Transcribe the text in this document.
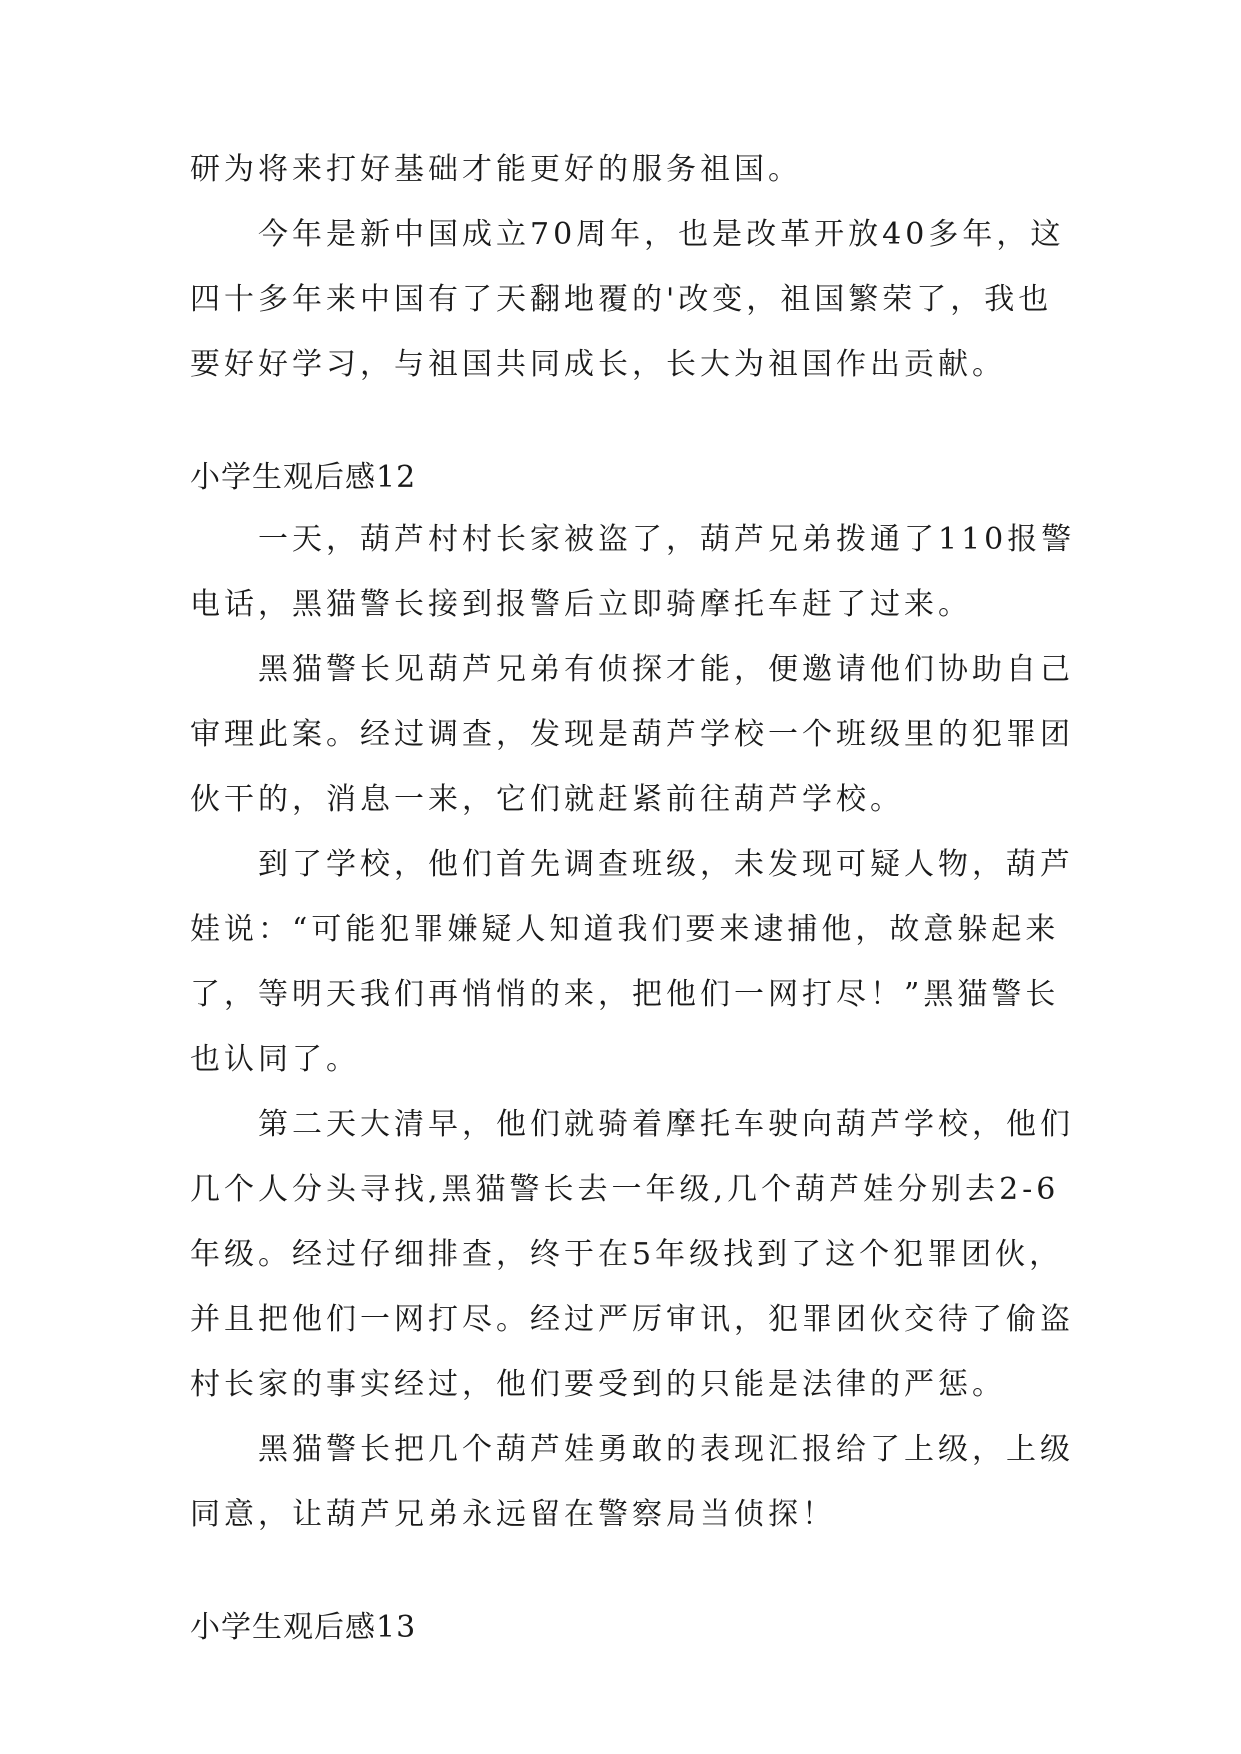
研为将来打好基础才能更好的服务祖国。
今年是新中国成立70周年，也是改革开放40多年，这
四十多年来中国有了天翻地覆的'改变，祖国繁荣了，我也
要好好学习，与祖国共同成长，长大为祖国作出贡献。
小学生观后感12
一天，葫芦村村长家被盗了，葫芦兄弟拨通了110报警
电话，黑猫警长接到报警后立即骑摩托车赶了过来。
黑猫警长见葫芦兄弟有侦探才能，便邀请他们协助自己
审理此案。经过调查，发现是葫芦学校一个班级里的犯罪团
伙干的，消息一来，它们就赶紧前往葫芦学校。
到了学校，他们首先调查班级，未发现可疑人物，葫芦
娃说：“可能犯罪嫌疑人知道我们要来逮捕他，故意躲起来
了，等明天我们再悄悄的来，把他们一网打尽！”黑猫警长
也认同了。
第二天大清早，他们就骑着摩托车驶向葫芦学校，他们
几个人分头寻找,黑猫警长去一年级,几个葫芦娃分别去2-6
年级。经过仔细排查，终于在5年级找到了这个犯罪团伙，
并且把他们一网打尽。经过严厉审讯，犯罪团伙交待了偷盗
村长家的事实经过，他们要受到的只能是法律的严惩。
黑猫警长把几个葫芦娃勇敢的表现汇报给了上级，上级
同意，让葫芦兄弟永远留在警察局当侦探！
小学生观后感13
